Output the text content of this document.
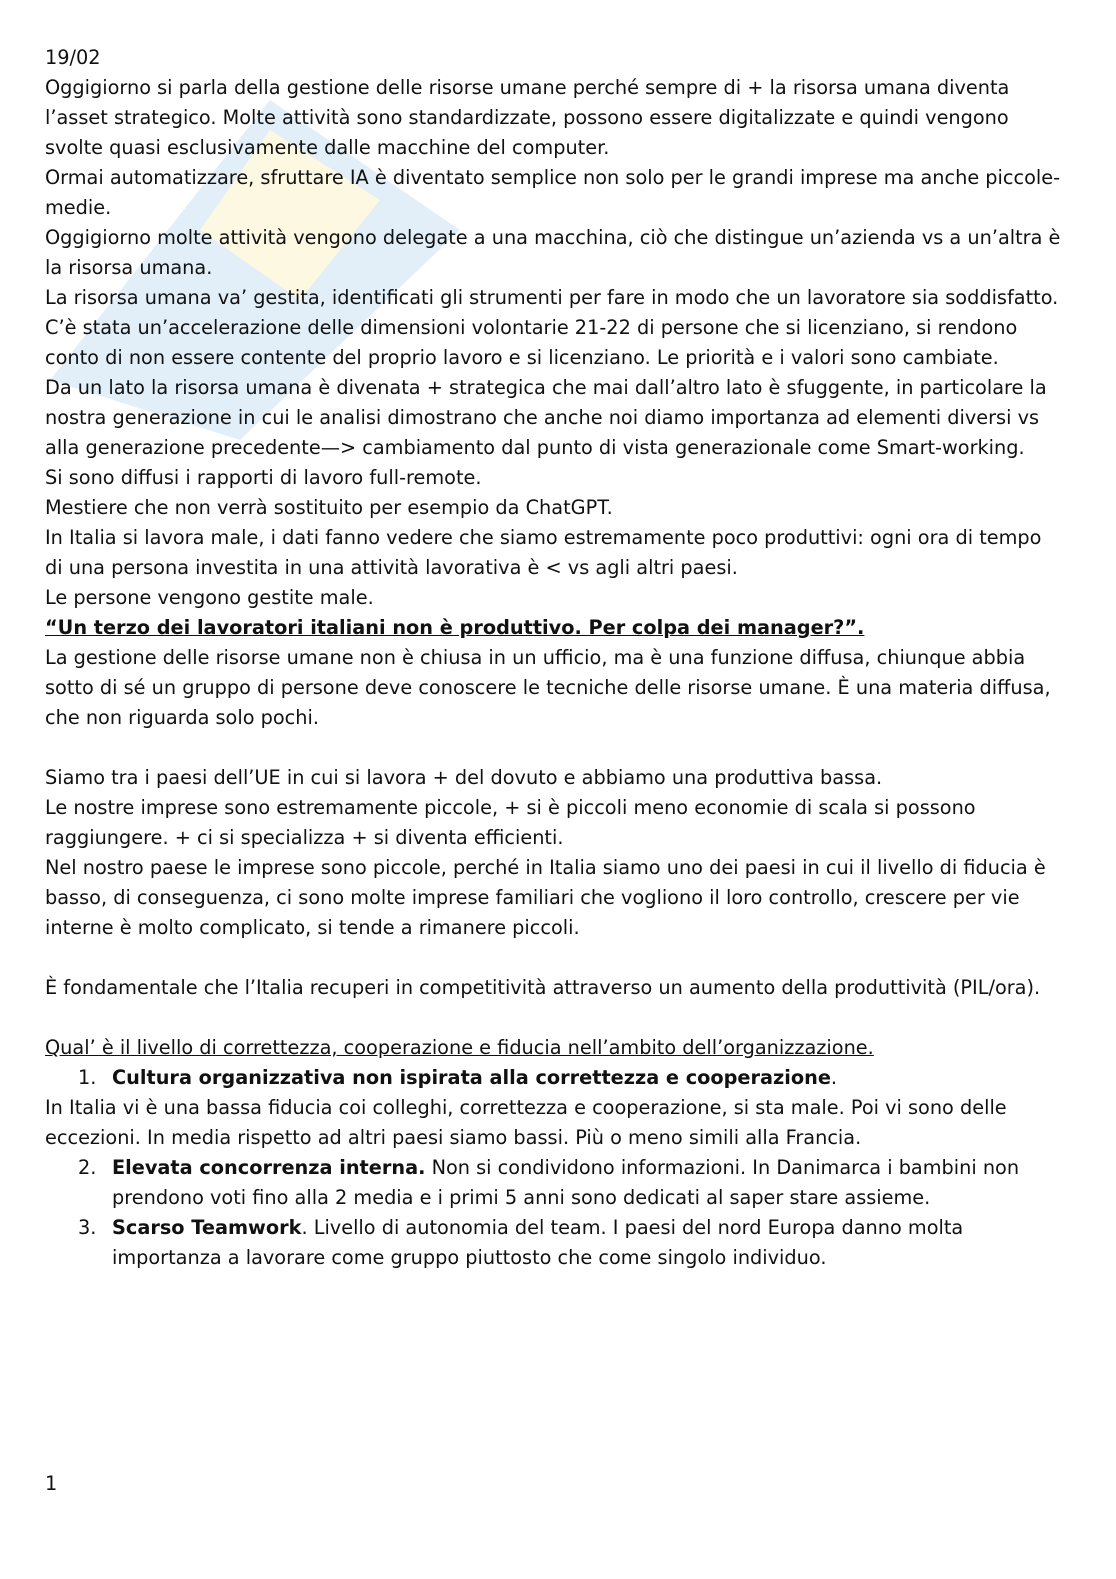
19/02

Oggigiorno si parla della gestione delle risorse umane perché sempre di + la risorsa umana diventa l’asset strategico. Molte attività sono standardizzate, possono essere digitalizzate e quindi vengono svolte quasi esclusivamente dalle macchine del computer.

Ormai automatizzare, sfruttare IA è diventato semplice non solo per le grandi imprese ma anche piccole-medie.

Oggigiorno molte attività vengono delegate a una macchina, ciò che distingue un’azienda vs a un’altra è la risorsa umana.

La risorsa umana va’ gestita, identificati gli strumenti per fare in modo che un lavoratore sia soddisfatto.

C’è stata un’accelerazione delle dimensioni volontarie 21-22 di persone che si licenziano, si rendono conto di non essere contente del proprio lavoro e si licenziano. Le priorità e i valori sono cambiate.

Da un lato la risorsa umana è divenata + strategica che mai dall’altro lato è sfuggente, in particolare la nostra generazione in cui le analisi dimostrano che anche noi diamo importanza ad elementi diversi vs alla generazione precedente—> cambiamento dal punto di vista generazionale come Smart-working.

Si sono diffusi i rapporti di lavoro full-remote.

Mestiere che non verrà sostituito per esempio da ChatGPT.

In Italia si lavora male, i dati fanno vedere che siamo estremamente poco produttivi: ogni ora di tempo di una persona investita in una attività lavorativa è < vs agli altri paesi.

Le persone vengono gestite male.

“Un terzo dei lavoratori italiani non è produttivo. Per colpa dei manager?”.

La gestione delle risorse umane non è chiusa in un ufficio, ma è una funzione diffusa, chiunque abbia sotto di sé un gruppo di persone deve conoscere le tecniche delle risorse umane. È una materia diffusa, che non riguarda solo pochi.

Siamo tra i paesi dell’UE in cui si lavora + del dovuto e abbiamo una produttiva bassa.

Le nostre imprese sono estremamente piccole, + si è piccoli meno economie di scala si possono raggiungere. + ci si specializza + si diventa efficienti.

Nel nostro paese le imprese sono piccole, perché in Italia siamo uno dei paesi in cui il livello di fiducia è basso, di conseguenza, ci sono molte imprese familiari che vogliono il loro controllo, crescere per vie interne è molto complicato, si tende a rimanere piccoli.

È fondamentale che l’Italia recuperi in competitività attraverso un aumento della produttività (PIL/ora).

Qual’ è il livello di correttezza, cooperazione e fiducia nell’ambito dell’organizzazione.

1. Cultura organizzativa non ispirata alla correttezza e cooperazione.

In Italia vi è una bassa fiducia coi colleghi, correttezza e cooperazione, si sta male. Poi vi sono delle eccezioni. In media rispetto ad altri paesi siamo bassi. Più o meno simili alla Francia.

2. Elevata concorrenza interna. Non si condividono informazioni. In Danimarca i bambini non prendono voti fino alla 2 media e i primi 5 anni sono dedicati al saper stare assieme.

3. Scarso Teamwork. Livello di autonomia del team. I paesi del nord Europa danno molta importanza a lavorare come gruppo piuttosto che come singolo individuo.

1
